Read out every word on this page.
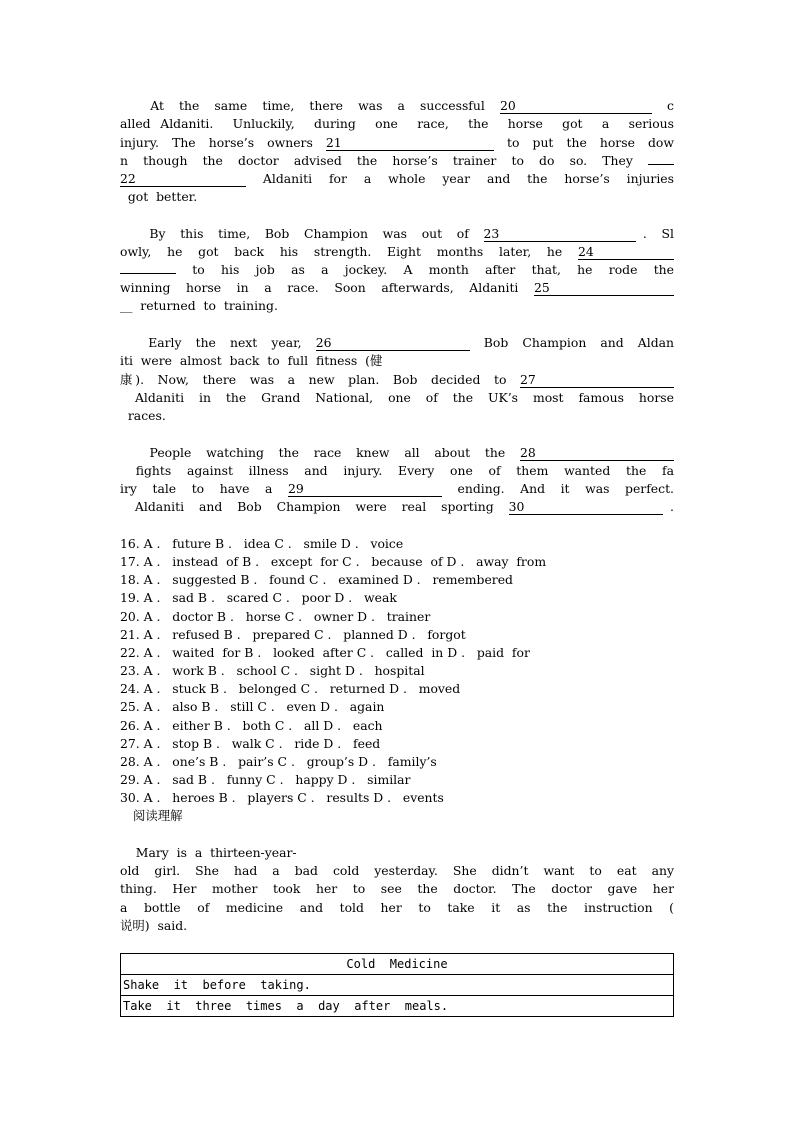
At  the  same  time,  there  was  a  successful  20	c
alled Aldaniti.  Unluckily,  during  one  race,  the  horse  got  a  serious
injury.  The  horse’s  owners  21	to  put  the  horse  dow
n  though  the  doctor  advised  the  horse’s  trainer  to  do  so.  They
22	Aldaniti  for  a  whole  year  and  the  horse’s  injuries
got  better.
By  this  time,  Bob  Champion  was  out  of  23	.  Sl
owly,  he  got  back  his  strength.  Eight  months  later,  he  24
to  his  job  as  a  jockey.  A  month  after  that,  he  rode  the
winning  horse  in  a  race.  Soon  afterwards,  Aldaniti  25
__  returned  to  training.
Early  the  next  year,  26	Bob  Champion  and  Aldan
iti  were  almost  back  to  full  fitness  (健
康).  Now,  there  was  a  new  plan.  Bob  decided  to  27
Aldaniti  in  the  Grand  National,  one  of  the  UK’s  most  famous  horse
races.
People  watching  the  race  knew  all  about  the  28
fights  against  illness  and  injury.  Every  one  of  them  wanted  the  fa
iry  tale  to  have  a  29	ending.  And  it  was  perfect.
Aldaniti  and  Bob  Champion  were  real  sporting  30	.
16. A .   future B .   idea C .   smile D .   voice
17. A .   instead  of B .   except  for C .   because  of D .   away  from
18. A .   suggested B .   found C .   examined D .   remembered
19. A .   sad B .   scared C .   poor D .   weak
20. A .   doctor B .   horse C .   owner D .   trainer
21. A .   refused B .   prepared C .   planned D .   forgot
22. A .   waited  for B .   looked  after C .   called  in D .   paid  for
23. A .   work B .   school C .   sight D .   hospital
24. A .   stuck B .   belonged C .   returned D .   moved
25. A .   also B .   still C .   even D .   again
26. A .   either B .   both C .   all D .   each
27. A .   stop B .   walk C .   ride D .   feed
28. A .   one’s B .   pair’s C .   group’s D .   family’s
29. A .   sad B .   funny C .   happy D .   similar
30. A .   heroes B .   players C .   results D .   events
阅读理解
Mary  is  a  thirteen-year-
old  girl.  She  had  a  bad  cold  yesterday.  She  didn’t  want  to  eat  any
thing.  Her  mother  took  her  to  see  the  doctor.  The  doctor  gave  her
a  bottle  of  medicine  and  told  her  to  take  it  as  the  instruction  (
说明)  said.
Cold  Medicine
Shake  it  before  taking.
Take  it  three  times  a  day  after  meals.
